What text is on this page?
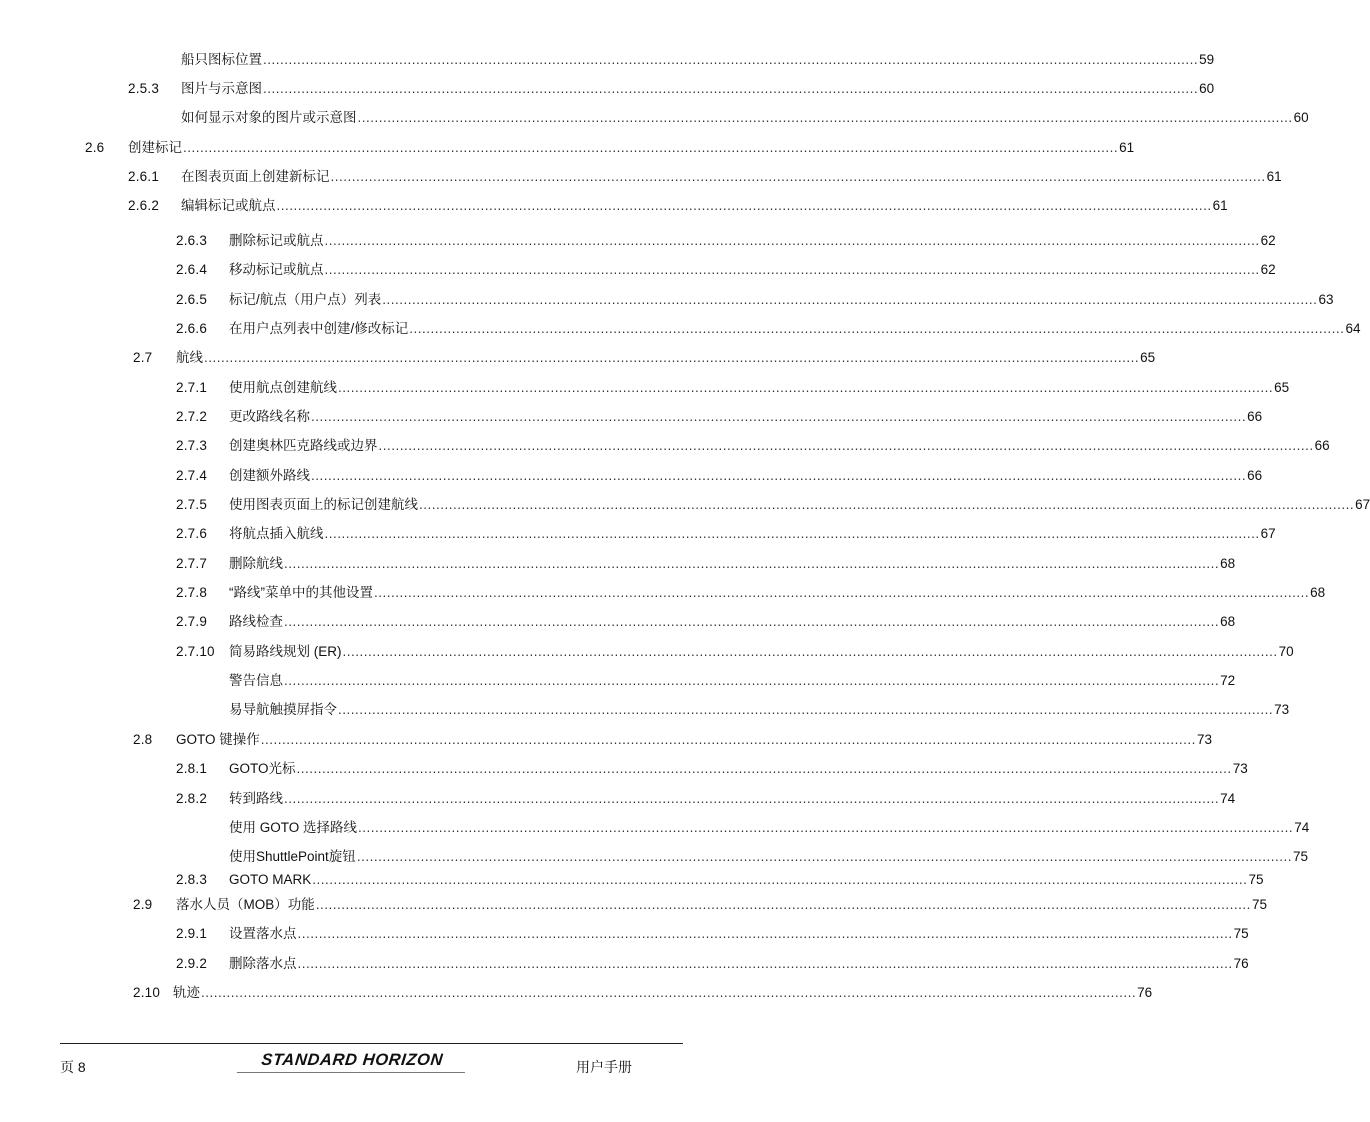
船只图标位置 ............................................................................................................................................................................................................................ 59
2.5.3	图片与示意图 ............................................................................................................................................................................................................................ 60
如何显示对象的图片或示意图 ............................................................................................................................................................................................................................ 60
2.6	创建标记 ............................................................................................................................................................................................................................ 61
2.6.1	在图表页面上创建新标记 ............................................................................................................................................................................................................................ 61
2.6.2	编辑标记或航点 ............................................................................................................................................................................................................................ 61
2.6.3	删除标记或航点 ............................................................................................................................................................................................................................ 62
2.6.4	移动标记或航点 ............................................................................................................................................................................................................................ 62
2.6.5	标记/航点（用户点）列表 ............................................................................................................................................................................................................................ 63
2.6.6	在用户点列表中创建/修改标记 ............................................................................................................................................................................................................................ 64
2.7	航线 ............................................................................................................................................................................................................................ 65
2.7.1	使用航点创建航线 ............................................................................................................................................................................................................................ 65
2.7.2	更改路线名称 ............................................................................................................................................................................................................................ 66
2.7.3	创建奥林匹克路线或边界 ............................................................................................................................................................................................................................ 66
2.7.4	创建额外路线 ............................................................................................................................................................................................................................ 66
2.7.5	使用图表页面上的标记创建航线 ............................................................................................................................................................................................................................ 67
2.7.6	将航点插入航线 ............................................................................................................................................................................................................................ 67
2.7.7	删除航线 ............................................................................................................................................................................................................................ 68
2.7.8	“路线”菜单中的其他设置 ............................................................................................................................................................................................................................ 68
2.7.9	路线检查 ............................................................................................................................................................................................................................ 68
2.7.10	简易路线规划 (ER) ............................................................................................................................................................................................................................ 70
警告信息 ............................................................................................................................................................................................................................ 72
易导航触摸屏指令 ............................................................................................................................................................................................................................ 73
2.8	GOTO 键操作 ............................................................................................................................................................................................................................ 73
2.8.1	GOTO光标 ............................................................................................................................................................................................................................ 73
2.8.2	转到路线 ............................................................................................................................................................................................................................ 74
使用 GOTO 选择路线 ............................................................................................................................................................................................................................ 74
使用ShuttlePoint旋钮 ............................................................................................................................................................................................................................ 75
2.8.3	GOTO MARK ............................................................................................................................................................................................................................ 75
2.9	落水人员（MOB）功能 ............................................................................................................................................................................................................................ 75
2.9.1	设置落水点 ............................................................................................................................................................................................................................ 75
2.9.2	删除落水点 ............................................................................................................................................................................................................................ 76
2.10 轨迹 ............................................................................................................................................................................................................................ 76
页 8	STANDARD HORIZON	用户手册
